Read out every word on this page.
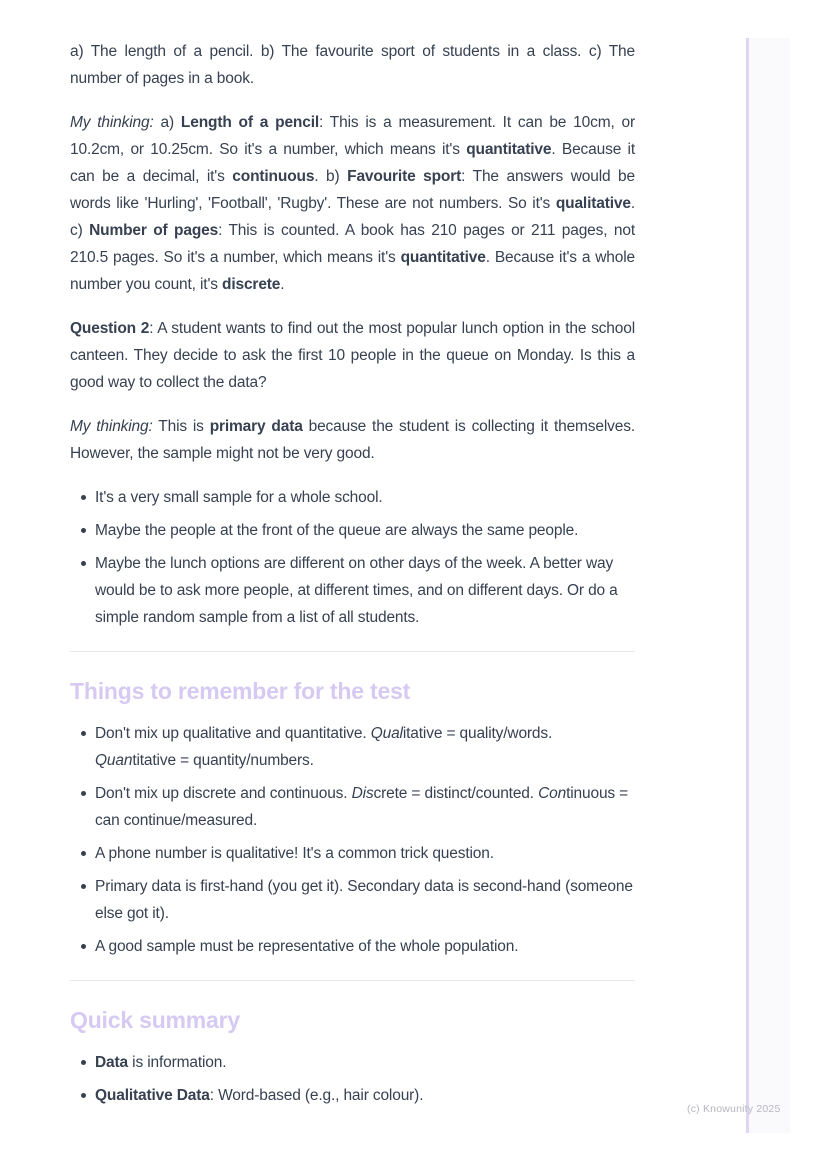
a) The length of a pencil. b) The favourite sport of students in a class. c) The number of pages in a book.

My thinking: a) Length of a pencil: This is a measurement. It can be 10cm, or 10.2cm, or 10.25cm. So it's a number, which means it's quantitative. Because it can be a decimal, it's continuous. b) Favourite sport: The answers would be words like 'Hurling', 'Football', 'Rugby'. These are not numbers. So it's qualitative. c) Number of pages: This is counted. A book has 210 pages or 211 pages, not 210.5 pages. So it's a number, which means it's quantitative. Because it's a whole number you count, it's discrete.

Question 2: A student wants to find out the most popular lunch option in the school canteen. They decide to ask the first 10 people in the queue on Monday. Is this a good way to collect the data?

My thinking: This is primary data because the student is collecting it themselves. However, the sample might not be very good.

It's a very small sample for a whole school.
Maybe the people at the front of the queue are always the same people.
Maybe the lunch options are different on other days of the week. A better way would be to ask more people, at different times, and on different days. Or do a simple random sample from a list of all students.
Things to remember for the test
Don't mix up qualitative and quantitative. Qualitative = quality/words. Quantitative = quantity/numbers.
Don't mix up discrete and continuous. Discrete = distinct/counted. Continuous = can continue/measured.
A phone number is qualitative! It's a common trick question.
Primary data is first-hand (you get it). Secondary data is second-hand (someone else got it).
A good sample must be representative of the whole population.
Quick summary
Data is information.
Qualitative Data: Word-based (e.g., hair colour).
(c) Knowunity 2025
